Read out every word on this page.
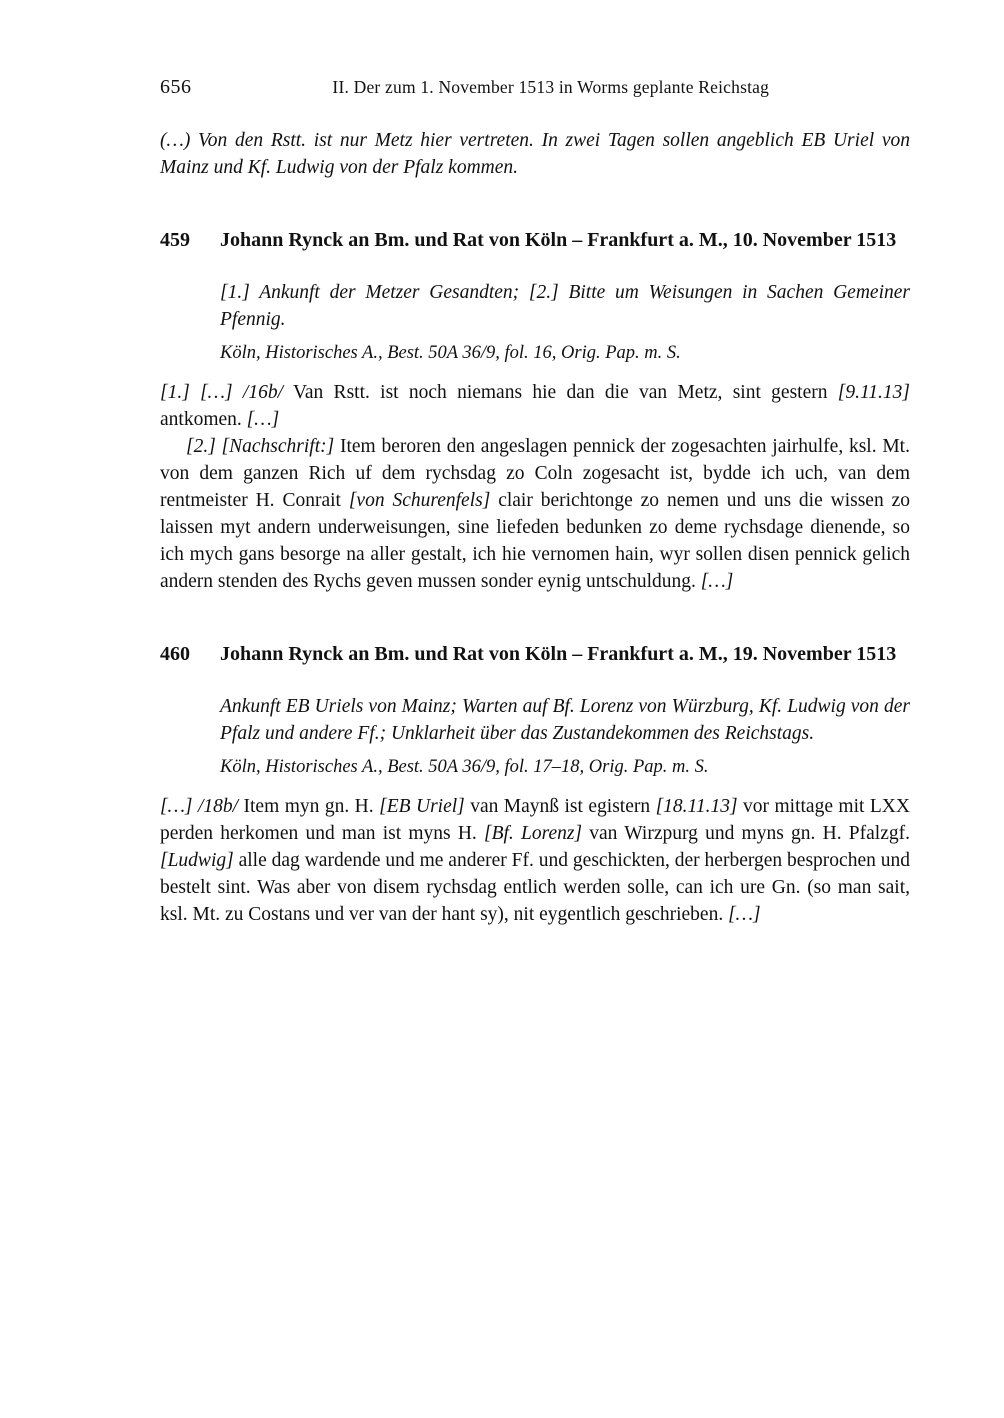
656	II. Der zum 1. November 1513 in Worms geplante Reichstag

(…) Von den Rstt. ist nur Metz hier vertreten. In zwei Tagen sollen angeblich EB Uriel von Mainz und Kf. Ludwig von der Pfalz kommen.

459	Johann Rynck an Bm. und Rat von Köln – Frankfurt a. M., 10. November 1513

[1.] Ankunft der Metzer Gesandten; [2.] Bitte um Weisungen in Sachen Gemeiner Pfennig.

Köln, Historisches A., Best. 50A 36/9, fol. 16, Orig. Pap. m. S.

[1.] […] /16b/ Van Rstt. ist noch niemans hie dan die van Metz, sint gestern [9.11.13] antkomen. […]

[2.] [Nachschrift:] Item beroren den angeslagen pennick der zogesachten jairhulfe, ksl. Mt. von dem ganzen Rich uf dem rychsdag zo Coln zogesacht ist, bydde ich uch, van dem rentmeister H. Conrait [von Schurenfels] clair berichtonge zo nemen und uns die wissen zo laissen myt andern underweisungen, sine liefeden bedunken zo deme rychsdage dienende, so ich mych gans besorge na aller gestalt, ich hie vernomen hain, wyr sollen disen pennick gelich andern stenden des Rychs geven mussen sonder eynig untschuldung. […]

460	Johann Rynck an Bm. und Rat von Köln – Frankfurt a. M., 19. November 1513

Ankunft EB Uriels von Mainz; Warten auf Bf. Lorenz von Würzburg, Kf. Ludwig von der Pfalz und andere Ff.; Unklarheit über das Zustandekommen des Reichstags.

Köln, Historisches A., Best. 50A 36/9, fol. 17–18, Orig. Pap. m. S.

[…] /18b/ Item myn gn. H. [EB Uriel] van Maynß ist egistern [18.11.13] vor mittage mit LXX perden herkomen und man ist myns H. [Bf. Lorenz] van Wirzpurg und myns gn. H. Pfalzgf. [Ludwig] alle dag wardende und me anderer Ff. und geschickten, der herbergen besprochen und bestelt sint. Was aber von disem rychsdag entlich werden solle, can ich ure Gn. (so man sait, ksl. Mt. zu Costans und ver van der hant sy), nit eygentlich geschrieben. […]
